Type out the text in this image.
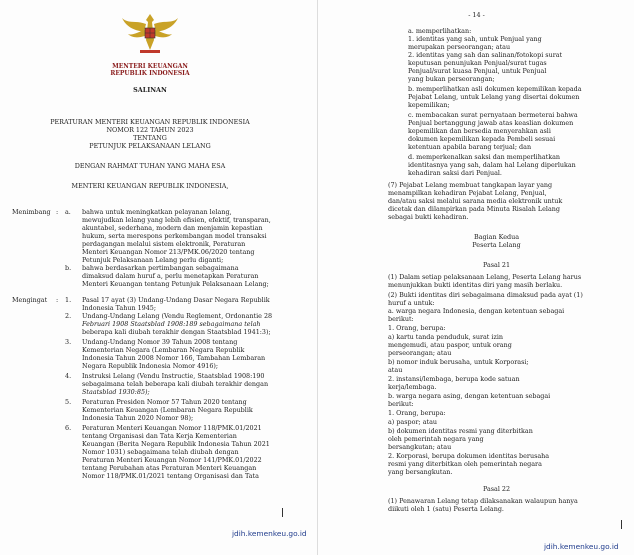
MENTERI KEUANGAN
REPUBLIK INDONESIA
SALINAN
PERATURAN MENTERI KEUANGAN REPUBLIK INDONESIA
NOMOR 122 TAHUN 2023
TENTANG
PETUNJUK PELAKSANAAN LELANG
DENGAN RAHMAT TUHAN YANG MAHA ESA
MENTERI KEUANGAN REPUBLIK INDONESIA,
Menimbang : a. bahwa untuk meningkatkan pelayanan lelang,
mewujudkan lelang yang lebih efisien, efektif, transparan,
akuntabel, sederhana, modern dan menjamin kepastian
hukum, serta merespons perkembangan model transaksi
perdagangan melalui sistem elektronik, Peraturan
Menteri Keuangan Nomor 213/PMK.06/2020 tentang
Petunjuk Pelaksanaan Lelang perlu diganti;
b. bahwa berdasarkan pertimbangan sebagaimana
dimaksud dalam huruf a, perlu menetapkan Peraturan
Menteri Keuangan tentang Petunjuk Pelaksanaan Lelang;
Mengingat : 1. Pasal 17 ayat (3) Undang-Undang Dasar Negara Republik
Indonesia Tahun 1945;
2. Undang-Undang Lelang (Vendu Reglement, Ordonantie 28
Februari 1908 Staatsblad 1908:189 sebagaimana telah
beberapa kali diubah terakhir dengan Staatsblad 1941:3);
3. Undang-Undang Nomor 39 Tahun 2008 tentang
Kementerian Negara (Lembaran Negara Republik
Indonesia Tahun 2008 Nomor 166, Tambahan Lembaran
Negara Republik Indonesia Nomor 4916);
4. Instruksi Lelang (Vendu Instructie, Staatsblad 1908:190
sebagaimana telah beberapa kali diubah terakhir dengan
Staatsblad 1930:85);
5. Peraturan Presiden Nomor 57 Tahun 2020 tentang
Kementerian Keuangan (Lembaran Negara Republik
Indonesia Tahun 2020 Nomor 98);
6. Peraturan Menteri Keuangan Nomor 118/PMK.01/2021
tentang Organisasi dan Tata Kerja Kementerian
Keuangan (Berita Negara Republik Indonesia Tahun 2021
Nomor 1031) sebagaimana telah diubah dengan
Peraturan Menteri Keuangan Nomor 141/PMK.01/2022
tentang Perubahan atas Peraturan Menteri Keuangan
Nomor 118/PMK.01/2021 tentang Organisasi dan Tata
jdih.kemenkeu.go.id
- 14 -
a. memperlihatkan:
1. identitas yang sah, untuk Penjual yang
merupakan perseorangan; atau
2. identitas yang sah dan salinan/fotokopi surat
keputusan penunjukan Penjual/surat tugas
Penjual/surat kuasa Penjual, untuk Penjual
yang bukan perseorangan;
b. memperlihatkan asli dokumen kepemilikan kepada
Pejabat Lelang, untuk Lelang yang disertai dokumen
kepemilikan;
c. membacakan surat pernyataan bermeterai bahwa
Penjual bertanggung jawab atas keaslian dokumen
kepemilikan dan bersedia menyerahkan asli
dokumen kepemilikan kepada Pembeli sesuai
ketentuan apabila barang terjual; dan
d. memperkenalkan saksi dan memperlihatkan
identitasnya yang sah, dalam hal Lelang diperlukan
kehadiran saksi dari Penjual.
(7) Pejabat Lelang membuat tangkapan layar yang
menampilkan kehadiran Pejabat Lelang, Penjual,
dan/atau saksi melalui sarana media elektronik untuk
dicetak dan dilampirkan pada Minuta Risalah Lelang
sebagai bukti kehadiran.
Bagian Kedua
Peserta Lelang
Pasal 21
(1) Dalam setiap pelaksanaan Lelang, Peserta Lelang harus
menunjukkan bukti identitas diri yang masih berlaku.
(2) Bukti identitas diri sebagaimana dimaksud pada ayat (1)
huruf a untuk:
a. warga negara Indonesia, dengan ketentuan sebagai
berikut:
1. Orang, berupa:
a) kartu tanda penduduk, surat izin
mengemudi, atau paspor, untuk orang
perseorangan; atau
b) nomor induk berusaha, untuk Korporasi;
atau
2. instansi/lembaga, berupa kode satuan
kerja/lembaga.
b. warga negara asing, dengan ketentuan sebagai
berikut:
1. Orang, berupa:
a) paspor; atau
b) dokumen identitas resmi yang diterbitkan
oleh pemerintah negara yang
bersangkutan; atau
2. Korporasi, berupa dokumen identitas berusaha
resmi yang diterbitkan oleh pemerintah negara
yang bersangkutan.
Pasal 22
(1) Penawaran Lelang tetap dilaksanakan walaupun hanya
diikuti oleh 1 (satu) Peserta Lelang.
jdih.kemenkeu.go.id
